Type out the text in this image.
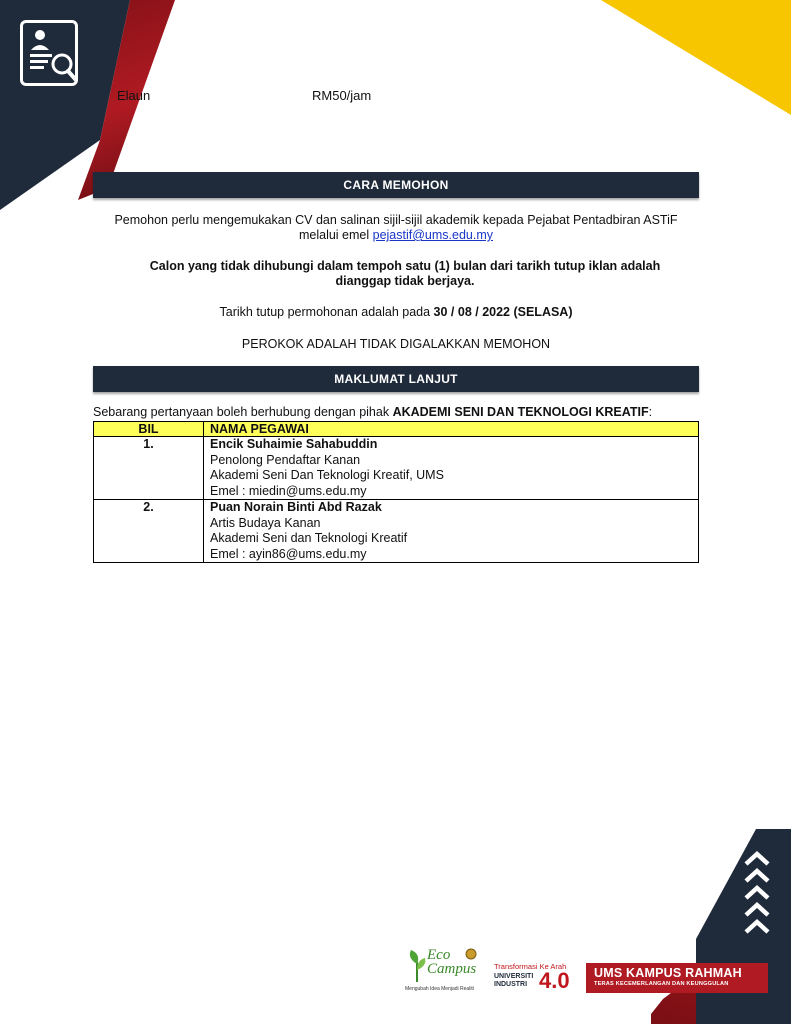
Elaun	RM50/jam
CARA MEMOHON
Pemohon perlu mengemukakan CV dan salinan sijil-sijil akademik kepada Pejabat Pentadbiran ASTiF
melalui emel pejastif@ums.edu.my
Calon yang tidak dihubungi dalam tempoh satu (1) bulan dari tarikh tutup iklan adalah
dianggap tidak berjaya.
Tarikh tutup permohonan adalah pada 30 / 08 / 2022 (SELASA)
PEROKOK ADALAH TIDAK DIGALAKKAN MEMOHON
MAKLUMAT LANJUT
Sebarang pertanyaan boleh berhubung dengan pihak AKADEMI SENI DAN TEKNOLOGI KREATIF:
BIL	NAMA PEGAWAI
1.	Encik Suhaimie Sahabuddin
Penolong Pendaftar Kanan
Akademi Seni Dan Teknologi Kreatif, UMS
Emel : miedin@ums.edu.my

2.	Puan Norain Binti Abd Razak
Artis Budaya Kanan
Akademi Seni dan Teknologi Kreatif
Emel : ayin86@ums.edu.my
Eco Campus
Mengubah Idea Menjadi Realiti
Transformasi Ke Arah
UNIVERSITI INDUSTRI 4.0 UMS KAMPUS RAHMAH
TERAS KECEMERLANGAN DAN KEUNGGULAN
